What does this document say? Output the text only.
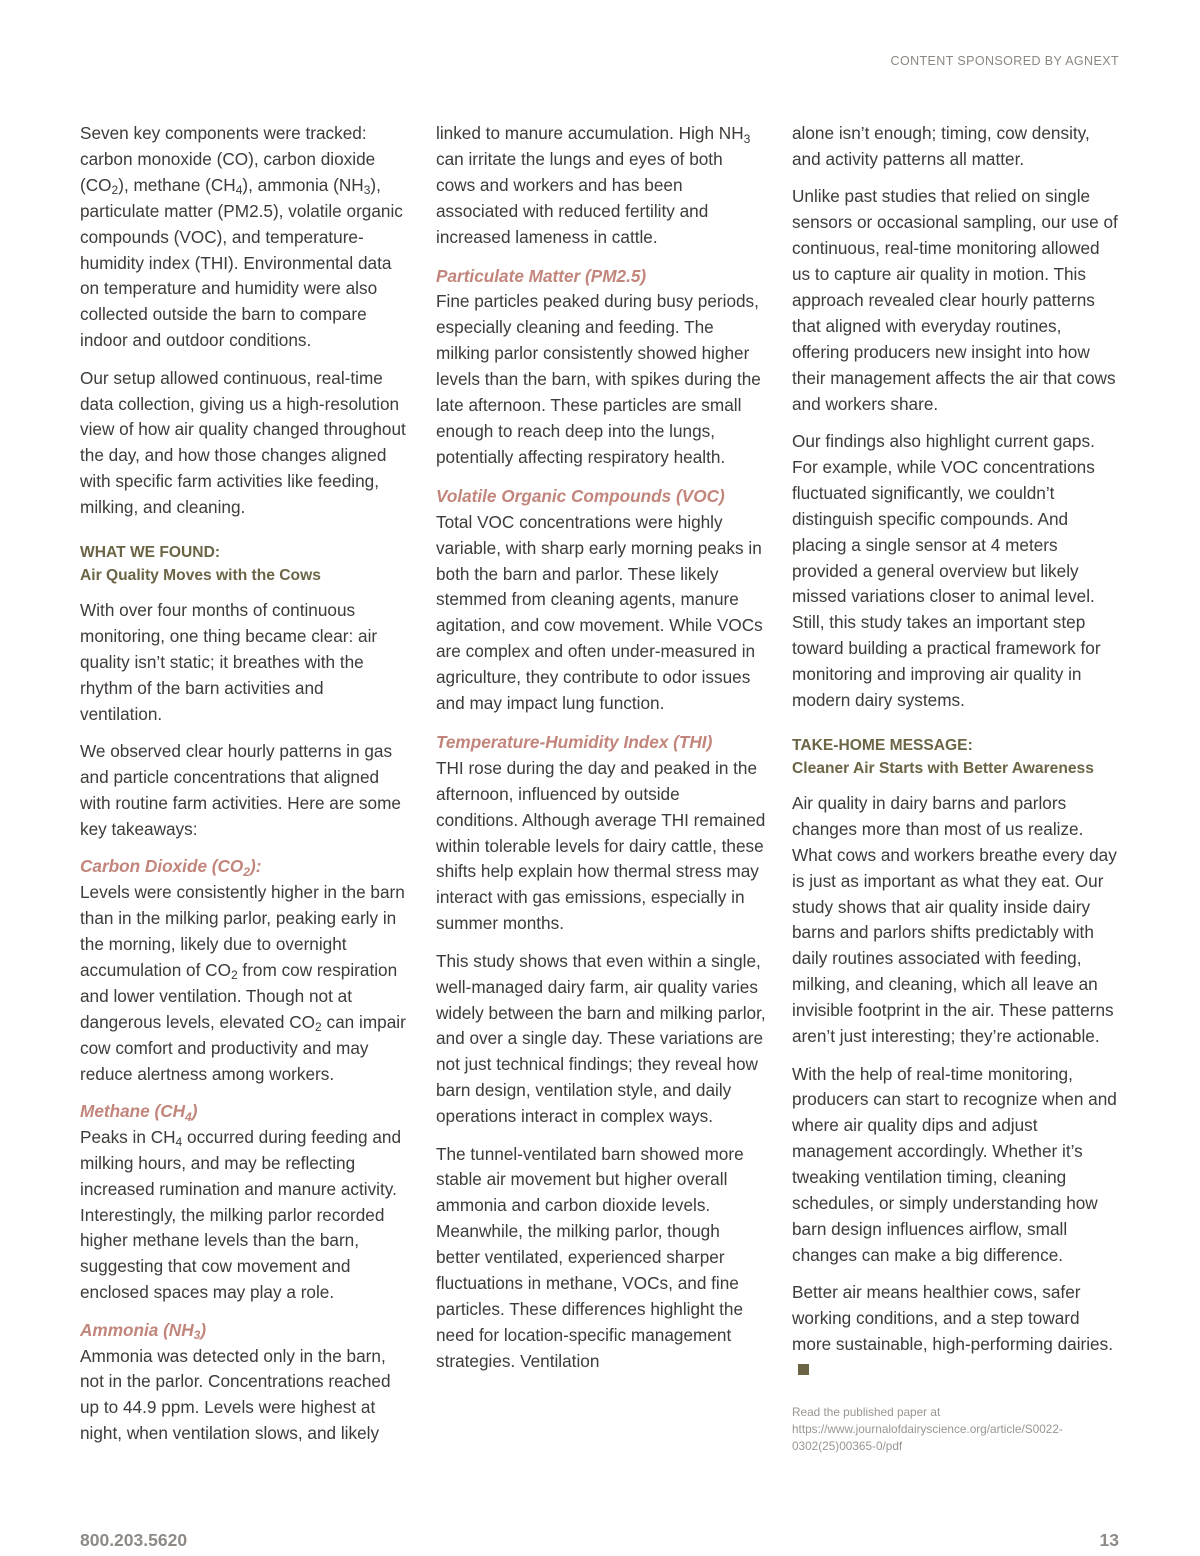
CONTENT SPONSORED BY AGNEXT

Seven key components were tracked: carbon monoxide (CO), carbon dioxide $(CO_2)$, methane $(CH_4)$, ammonia $(NH_3)$, particulate matter (PM2.5), volatile organic compounds (VOC), and temperature-humidity index (THI). Environmental data on temperature and humidity were also collected outside the barn to compare indoor and outdoor conditions.

Our setup allowed continuous, real-time data collection, giving us a high-resolution view of how air quality changed throughout the day, and how those changes aligned with specific farm activities like feeding, milking, and cleaning.

WHAT WE FOUND:
Air Quality Moves with the Cows

With over four months of continuous monitoring, one thing became clear: air quality isn’t static; it breathes with the rhythm of the barn activities and ventilation.

We observed clear hourly patterns in gas and particle concentrations that aligned with routine farm activities. Here are some key takeaways:

Carbon Dioxide $(CO_2)$:

Levels were consistently higher in the barn than in the milking parlor, peaking early in the morning, likely due to overnight accumulation of $CO_2$ from cow respiration and lower ventilation. Though not at dangerous levels, elevated $CO_2$ can impair cow comfort and productivity and may reduce alertness among workers.

Methane $(CH_4)$

Peaks in $CH_4$ occurred during feeding and milking hours, and may be reflecting increased rumination and manure activity. Interestingly, the milking parlor recorded higher methane levels than the barn, suggesting that cow movement and enclosed spaces may play a role.

Ammonia $(NH_3)$

Ammonia was detected only in the barn, not in the parlor. Concentrations reached up to 44.9 ppm. Levels were highest at night, when ventilation slows, and likely

linked to manure accumulation. High $NH_3$ can irritate the lungs and eyes of both cows and workers and has been associated with reduced fertility and increased lameness in cattle.

Particulate Matter (PM2.5)

Fine particles peaked during busy periods, especially cleaning and feeding. The milking parlor consistently showed higher levels than the barn, with spikes during the late afternoon. These particles are small enough to reach deep into the lungs, potentially affecting respiratory health.

Volatile Organic Compounds (VOC)

Total VOC concentrations were highly variable, with sharp early morning peaks in both the barn and parlor. These likely stemmed from cleaning agents, manure agitation, and cow movement. While VOCs are complex and often under-measured in agriculture, they contribute to odor issues and may impact lung function.

Temperature-Humidity Index (THI)

THI rose during the day and peaked in the afternoon, influenced by outside conditions. Although average THI remained within tolerable levels for dairy cattle, these shifts help explain how thermal stress may interact with gas emissions, especially in summer months.

This study shows that even within a single, well-managed dairy farm, air quality varies widely between the barn and milking parlor, and over a single day. These variations are not just technical findings; they reveal how barn design, ventilation style, and daily operations interact in complex ways.

The tunnel-ventilated barn showed more stable air movement but higher overall ammonia and carbon dioxide levels. Meanwhile, the milking parlor, though better ventilated, experienced sharper fluctuations in methane, VOCs, and fine particles. These differences highlight the need for location-specific management strategies. Ventilation

alone isn’t enough; timing, cow density, and activity patterns all matter.

Unlike past studies that relied on single sensors or occasional sampling, our use of continuous, real-time monitoring allowed us to capture air quality in motion. This approach revealed clear hourly patterns that aligned with everyday routines, offering producers new insight into how their management affects the air that cows and workers share.

Our findings also highlight current gaps. For example, while VOC concentrations fluctuated significantly, we couldn’t distinguish specific compounds. And placing a single sensor at 4 meters provided a general overview but likely missed variations closer to animal level. Still, this study takes an important step toward building a practical framework for monitoring and improving air quality in modern dairy systems.

TAKE-HOME MESSAGE:
Cleaner Air Starts with Better Awareness

Air quality in dairy barns and parlors changes more than most of us realize. What cows and workers breathe every day is just as important as what they eat. Our study shows that air quality inside dairy barns and parlors shifts predictably with daily routines associated with feeding, milking, and cleaning, which all leave an invisible footprint in the air. These patterns aren’t just interesting; they’re actionable.

With the help of real-time monitoring, producers can start to recognize when and where air quality dips and adjust management accordingly. Whether it’s tweaking ventilation timing, cleaning schedules, or simply understanding how barn design influences airflow, small changes can make a big difference.

Better air means healthier cows, safer working conditions, and a step toward more sustainable, high-performing dairies.

Read the published paper at https://www.journalofdairyscience.org/article/S0022-0302(25)00365-0/pdf
800.203.5620	13
